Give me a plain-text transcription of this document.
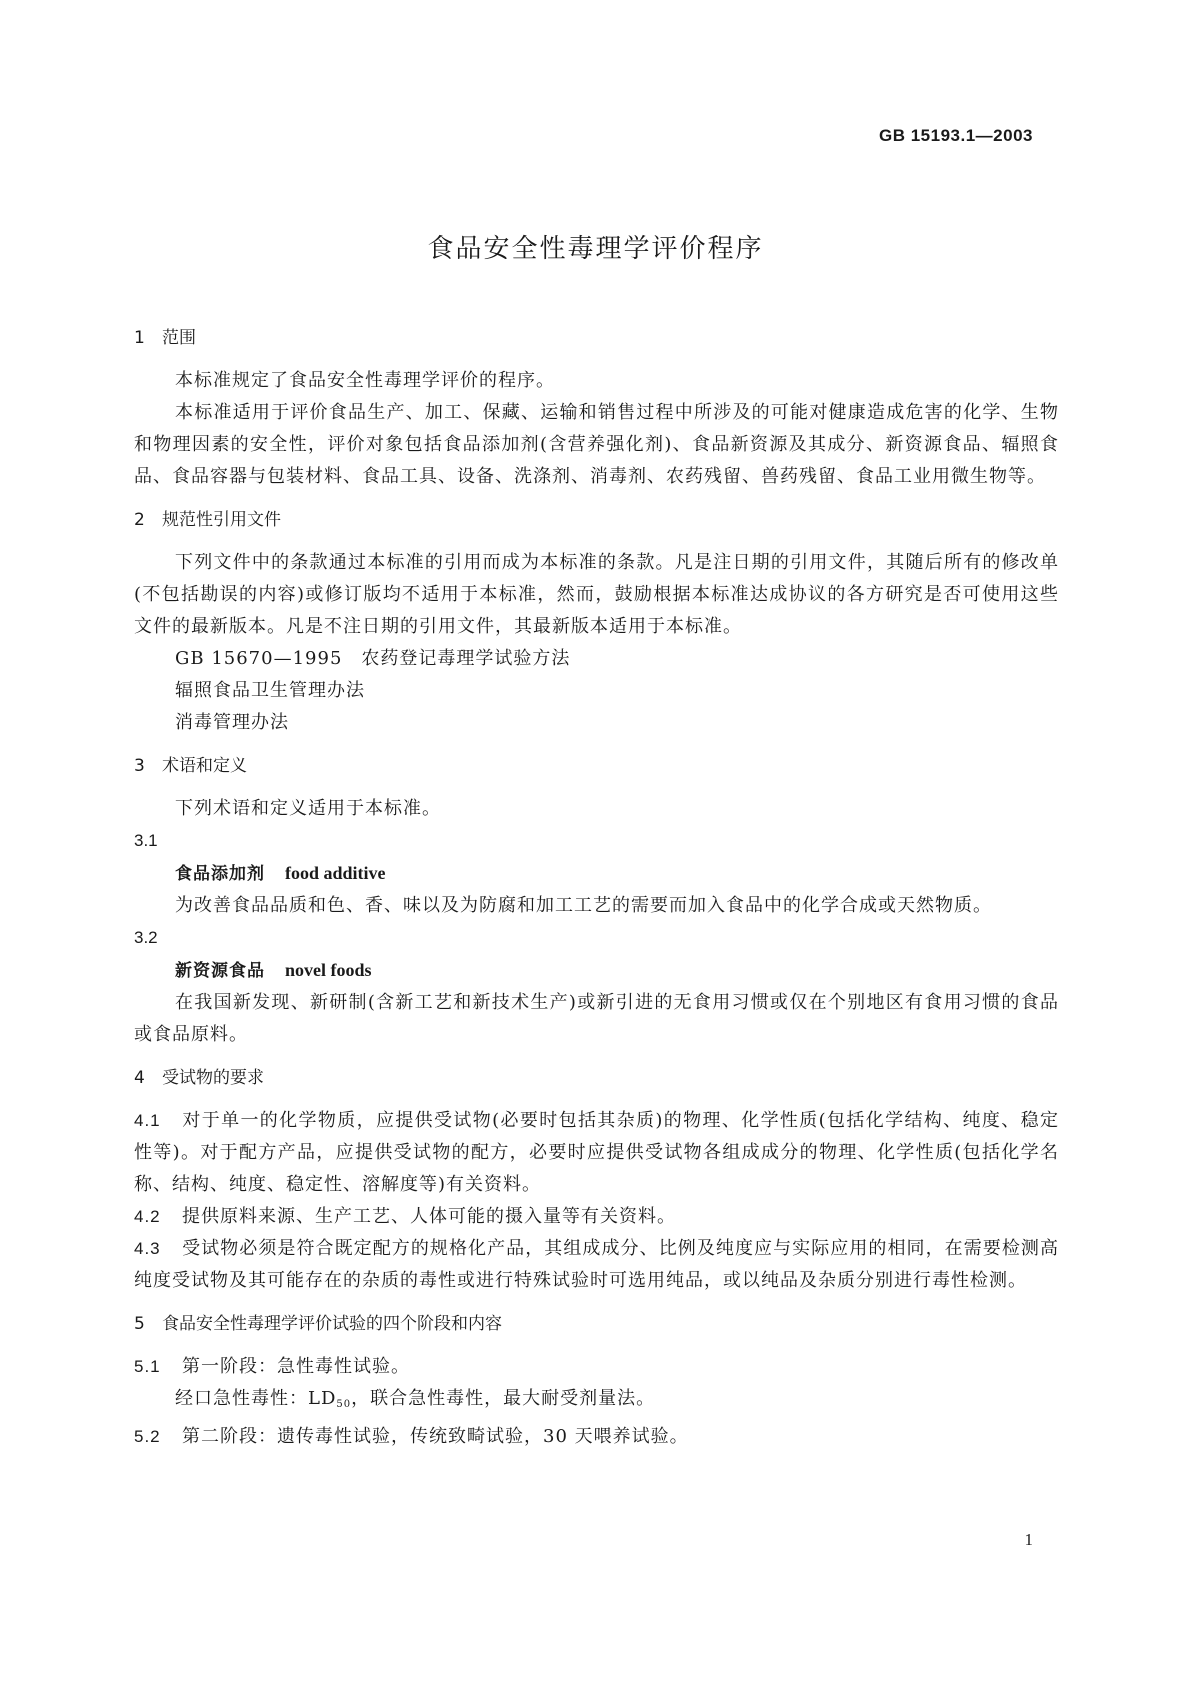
GB 15193.1—2003
食品安全性毒理学评价程序
1 范围

本标准规定了食品安全性毒理学评价的程序。

本标准适用于评价食品生产、加工、保藏、运输和销售过程中所涉及的可能对健康造成危害的化学、生物和物理因素的安全性，评价对象包括食品添加剂(含营养强化剂)、食品新资源及其成分、新资源食品、辐照食品、食品容器与包装材料、食品工具、设备、洗涤剂、消毒剂、农药残留、兽药残留、食品工业用微生物等。

2 规范性引用文件

下列文件中的条款通过本标准的引用而成为本标准的条款。凡是注日期的引用文件，其随后所有的修改单(不包括勘误的内容)或修订版均不适用于本标准，然而，鼓励根据本标准达成协议的各方研究是否可使用这些文件的最新版本。凡是不注日期的引用文件，其最新版本适用于本标准。

GB 15670—1995　农药登记毒理学试验方法

辐照食品卫生管理办法

消毒管理办法

3 术语和定义

下列术语和定义适用于本标准。

3.1

食品添加剂 food additive

为改善食品品质和色、香、味以及为防腐和加工工艺的需要而加入食品中的化学合成或天然物质。

3.2

新资源食品 novel foods

在我国新发现、新研制(含新工艺和新技术生产)或新引进的无食用习惯或仅在个别地区有食用习惯的食品或食品原料。

4 受试物的要求

4.1 对于单一的化学物质，应提供受试物(必要时包括其杂质)的物理、化学性质(包括化学结构、纯度、稳定性等)。对于配方产品，应提供受试物的配方，必要时应提供受试物各组成成分的物理、化学性质(包括化学名称、结构、纯度、稳定性、溶解度等)有关资料。

4.2 提供原料来源、生产工艺、人体可能的摄入量等有关资料。

4.3 受试物必须是符合既定配方的规格化产品，其组成成分、比例及纯度应与实际应用的相同，在需要检测高纯度受试物及其可能存在的杂质的毒性或进行特殊试验时可选用纯品，或以纯品及杂质分别进行毒性检测。

5 食品安全性毒理学评价试验的四个阶段和内容

5.1 第一阶段：急性毒性试验。

经口急性毒性：$LD_{50}$，联合急性毒性，最大耐受剂量法。

5.2 第二阶段：遗传毒性试验，传统致畸试验，30 天喂养试验。

1
